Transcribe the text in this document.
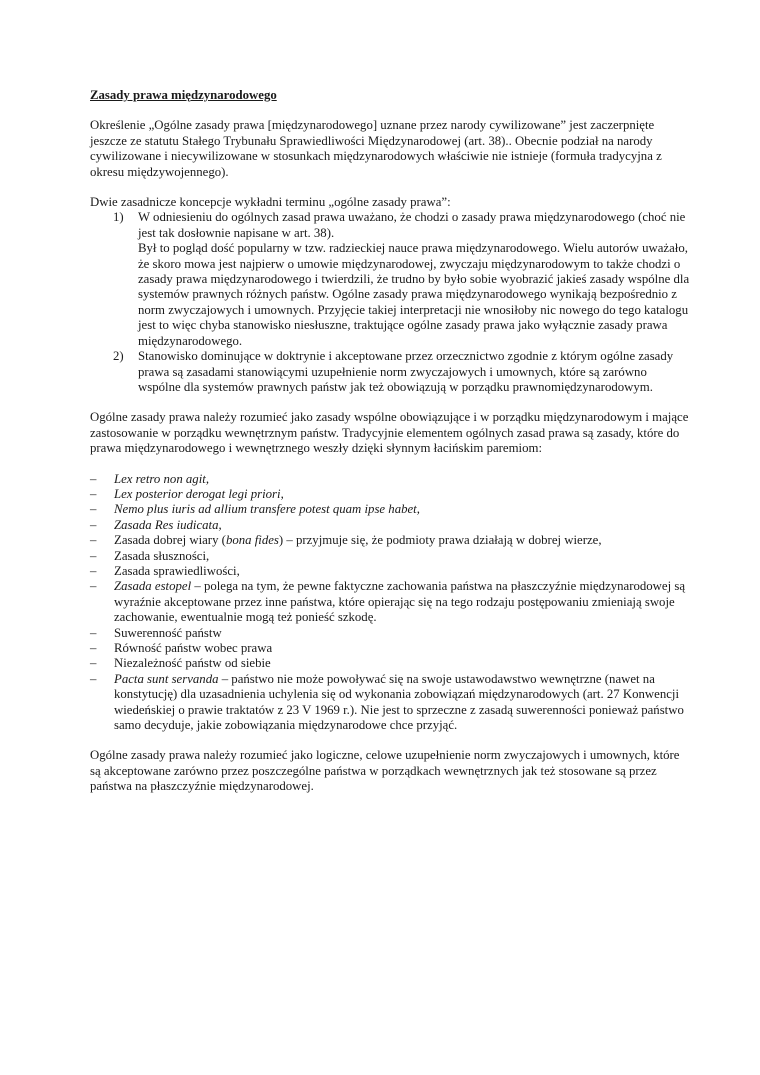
Zasady prawa międzynarodowego

Określenie „Ogólne zasady prawa [międzynarodowego] uznane przez narody cywilizowane” jest zaczerpnięte jeszcze ze statutu Stałego Trybunału Sprawiedliwości Międzynarodowej (art. 38).. Obecnie podział na narody cywilizowane i niecywilizowane w stosunkach międzynarodowych właściwie nie istnieje (formuła tradycyjna z okresu międzywojennego).

Dwie zasadnicze koncepcje wykładni terminu „ogólne zasady prawa”:

1) W odniesieniu do ogólnych zasad prawa uważano, że chodzi o zasady prawa międzynarodowego (choć nie jest tak dosłownie napisane w art. 38).
Był to pogląd dość popularny w tzw. radzieckiej nauce prawa międzynarodowego. Wielu autorów uważało, że skoro mowa jest najpierw o umowie międzynarodowej, zwyczaju międzynarodowym to także chodzi o zasady prawa międzynarodowego i twierdzili, że trudno by było sobie wyobrazić jakieś zasady wspólne dla systemów prawnych różnych państw. Ogólne zasady prawa międzynarodowego wynikają bezpośrednio z norm zwyczajowych i umownych. Przyjęcie takiej interpretacji nie wnosiłoby nic nowego do tego katalogu jest to więc chyba stanowisko niesłuszne, traktujące ogólne zasady prawa jako wyłącznie zasady prawa międzynarodowego.
2) Stanowisko dominujące w doktrynie i akceptowane przez orzecznictwo zgodnie z którym ogólne zasady prawa są zasadami stanowiącymi uzupełnienie norm zwyczajowych i umownych, które są zarówno wspólne dla systemów prawnych państw jak też obowiązują w porządku prawnomiędzynarodowym.

Ogólne zasady prawa należy rozumieć jako zasady wspólne obowiązujące i w porządku międzynarodowym i mające zastosowanie w porządku wewnętrznym państw. Tradycyjnie elementem ogólnych zasad prawa są zasady, które do prawa międzynarodowego i wewnętrznego weszły dzięki słynnym łacińskim paremiom:

– Lex retro non agit,
– Lex posterior derogat legi priori,
– Nemo plus iuris ad allium transfere potest quam ipse habet,
– Zasada Res iudicata,
– Zasada dobrej wiary (bona fides) – przyjmuje się, że podmioty prawa działają w dobrej wierze,
– Zasada słuszności,
– Zasada sprawiedliwości,
– Zasada estopel – polega na tym, że pewne faktyczne zachowania państwa na płaszczyźnie międzynarodowej są wyraźnie akceptowane przez inne państwa, które opierając się na tego rodzaju postępowaniu zmieniają swoje zachowanie, ewentualnie mogą też ponieść szkodę.
– Suwerenność państw
– Równość państw wobec prawa
– Niezależność państw od siebie
– Pacta sunt servanda – państwo nie może powoływać się na swoje ustawodawstwo wewnętrzne (nawet na konstytucję) dla uzasadnienia uchylenia się od wykonania zobowiązań międzynarodowych (art. 27 Konwencji wiedeńskiej o prawie traktatów z 23 V 1969 r.). Nie jest to sprzeczne z zasadą suwerenności ponieważ państwo samo decyduje, jakie zobowiązania międzynarodowe chce przyjąć.

Ogólne zasady prawa należy rozumieć jako logiczne, celowe uzupełnienie norm zwyczajowych i umownych, które są akceptowane zarówno przez poszczególne państwa w porządkach wewnętrznych jak też stosowane są przez państwa na płaszczyźnie międzynarodowej.
